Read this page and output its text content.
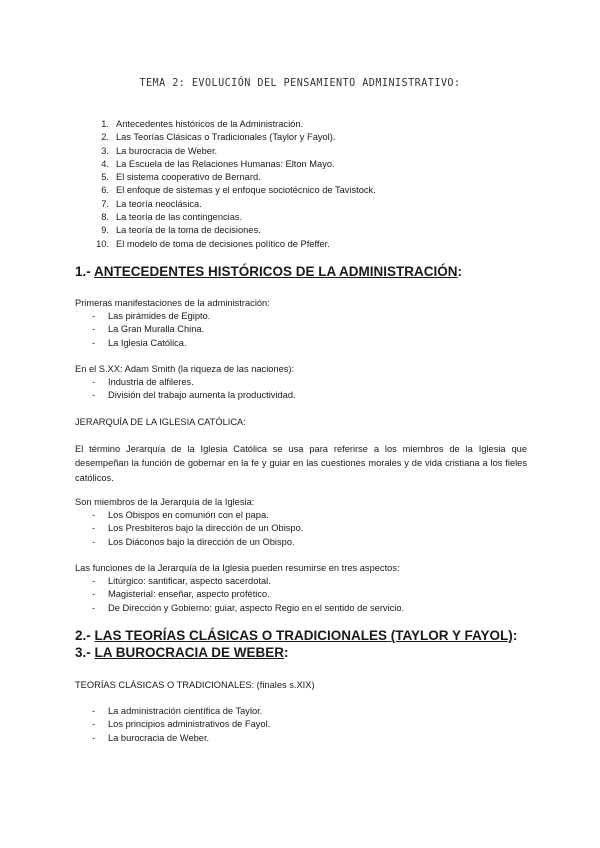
TEMA 2: EVOLUCIÓN DEL PENSAMIENTO ADMINISTRATIVO:
1. Antecedentes históricos de la Administración.
2. Las Teorías Clásicas o Tradicionales (Taylor y Fayol).
3. La burocracia de Weber.
4. La Escuela de las Relaciones Humanas: Elton Mayo.
5. El sistema cooperativo de Bernard.
6. El enfoque de sistemas y el enfoque sociotécnico de Tavistock.
7. La teoría neoclásica.
8. La teoría de las contingencias.
9. La teoría de la toma de decisiones.
10. El modelo de toma de decisiones político de Pfeffer.
1.- ANTECEDENTES HISTÓRICOS DE LA ADMINISTRACIÓN:
Primeras manifestaciones de la administración:
- Las pirámides de Egipto.
- La Gran Muralla China.
- La Iglesia Católica.
En el S.XX: Adam Smith (la riqueza de las naciones):
- Industria de alfileres.
- División del trabajo aumenta la productividad.
JERARQUÍA DE LA IGLESIA CATÓLICA:
El término Jerarquía de la Iglesia Católica se usa para referirse a los miembros de la Iglesia que desempeñan la función de gobernar en la fe y guiar en las cuestiones morales y de vida cristiana a los fieles católicos.
Son miembros de la Jerarquía de la Iglesia:
- Los Obispos en comunión con el papa.
- Los Presbíteros bajo la dirección de un Obispo.
- Los Diáconos bajo la dirección de un Obispo.
Las funciones de la Jerarquía de la Iglesia pueden resumirse en tres aspectos:
- Litúrgico: santificar, aspecto sacerdotal.
- Magisterial: enseñar, aspecto profético.
- De Dirección y Gobierno: guiar, aspecto Regio en el sentido de servicio.
2.- LAS TEORÍAS CLÁSICAS O TRADICIONALES (TAYLOR Y FAYOL):
3.- LA BUROCRACIA DE WEBER:
TEORÍAS CLÁSICAS O TRADICIONALES: (finales s.XIX)
- La administración científica de Taylor.
- Los principios administrativos de Fayol.
- La burocracia de Weber.
